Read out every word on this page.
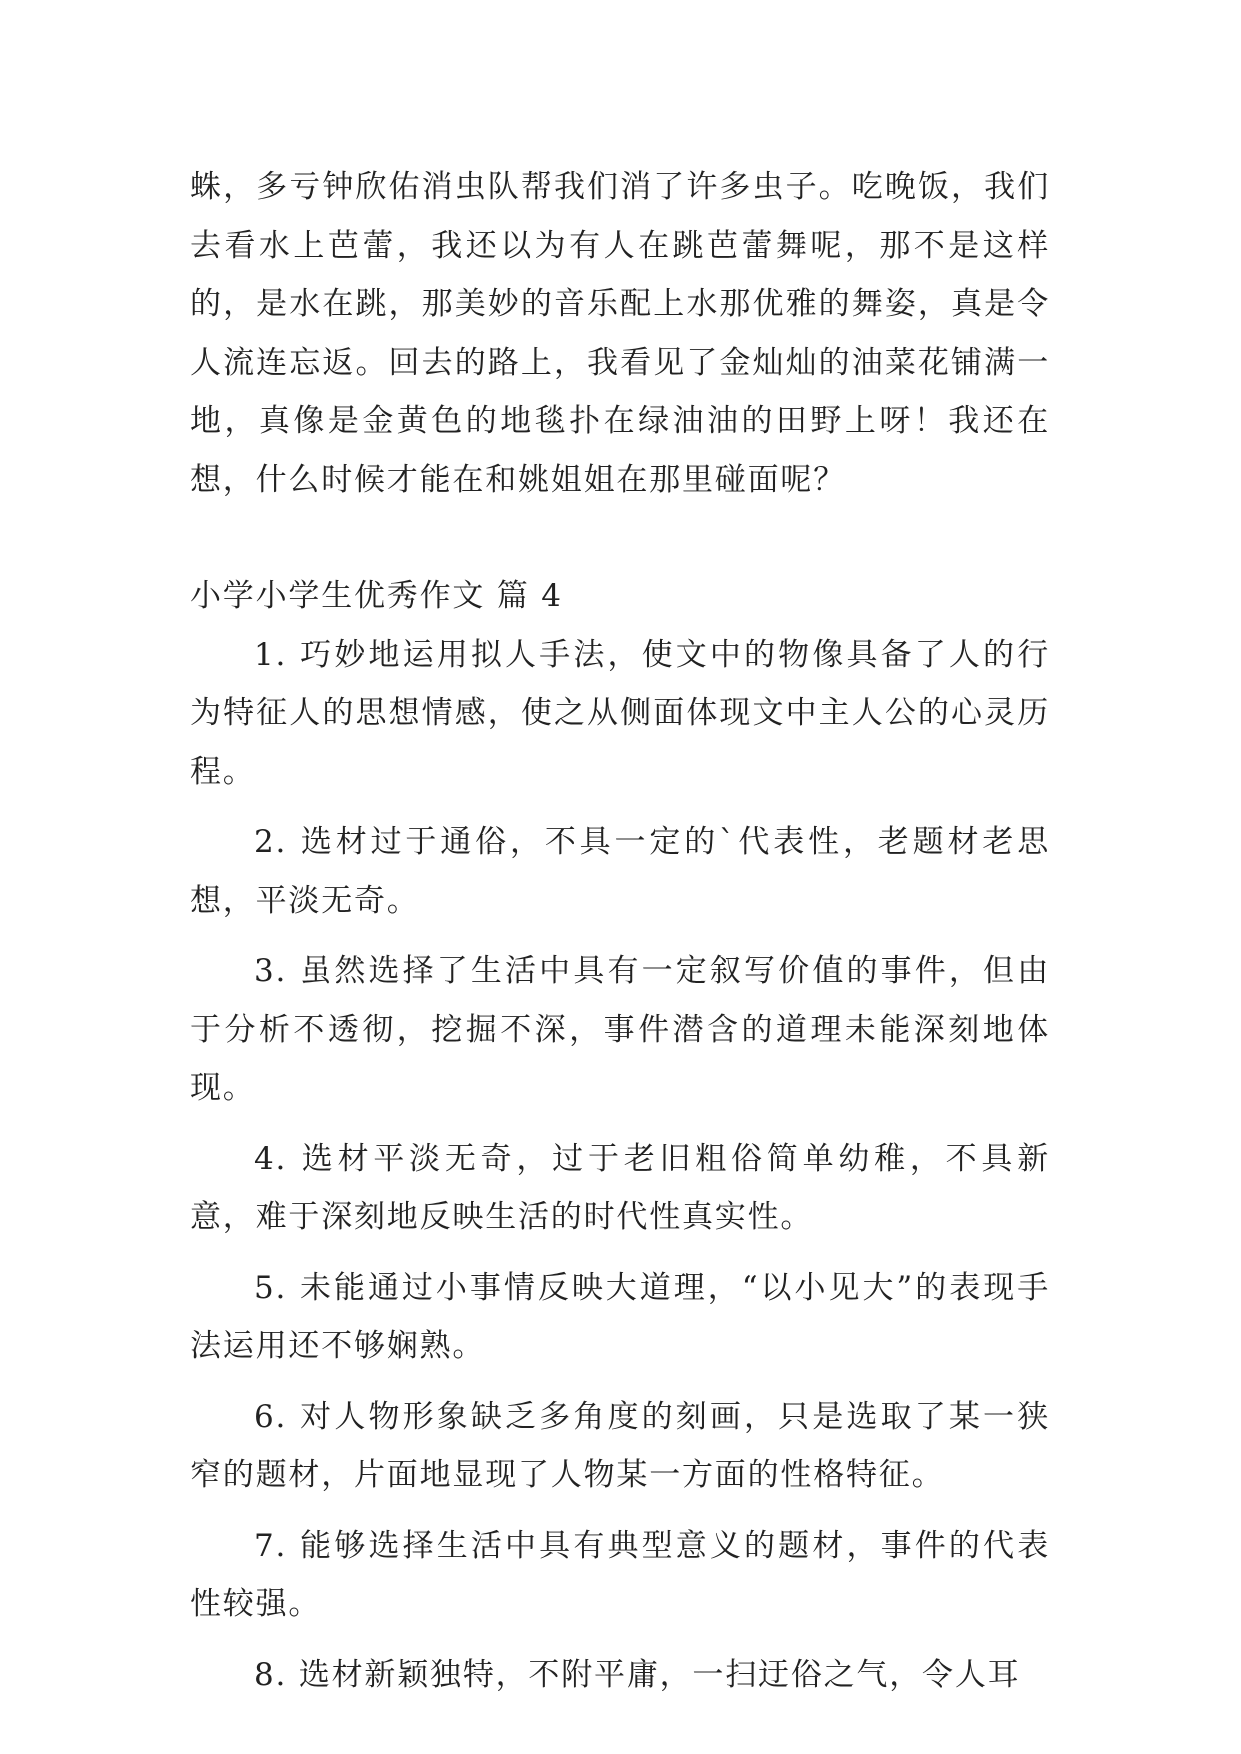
蛛，多亏钟欣佑消虫队帮我们消了许多虫子。吃晚饭，我们去看水上芭蕾，我还以为有人在跳芭蕾舞呢，那不是这样的，是水在跳，那美妙的音乐配上水那优雅的舞姿，真是令人流连忘返。回去的路上，我看见了金灿灿的油菜花铺满一地，真像是金黄色的地毯扑在绿油油的田野上呀！我还在想，什么时候才能在和姚姐姐在那里碰面呢？

小学小学生优秀作文 篇 4

1. 巧妙地运用拟人手法，使文中的物像具备了人的行为特征人的思想情感，使之从侧面体现文中主人公的心灵历程。

2. 选材过于通俗，不具一定的`代表性，老题材老思想，平淡无奇。

3. 虽然选择了生活中具有一定叙写价值的事件，但由于分析不透彻，挖掘不深，事件潜含的道理未能深刻地体现。

4. 选材平淡无奇，过于老旧粗俗简单幼稚，不具新意，难于深刻地反映生活的时代性真实性。

5. 未能通过小事情反映大道理，“以小见大”的表现手法运用还不够娴熟。

6. 对人物形象缺乏多角度的刻画，只是选取了某一狭窄的题材，片面地显现了人物某一方面的性格特征。

7. 能够选择生活中具有典型意义的题材，事件的代表性较强。

8. 选材新颖独特，不附平庸，一扫迂俗之气，令人耳
